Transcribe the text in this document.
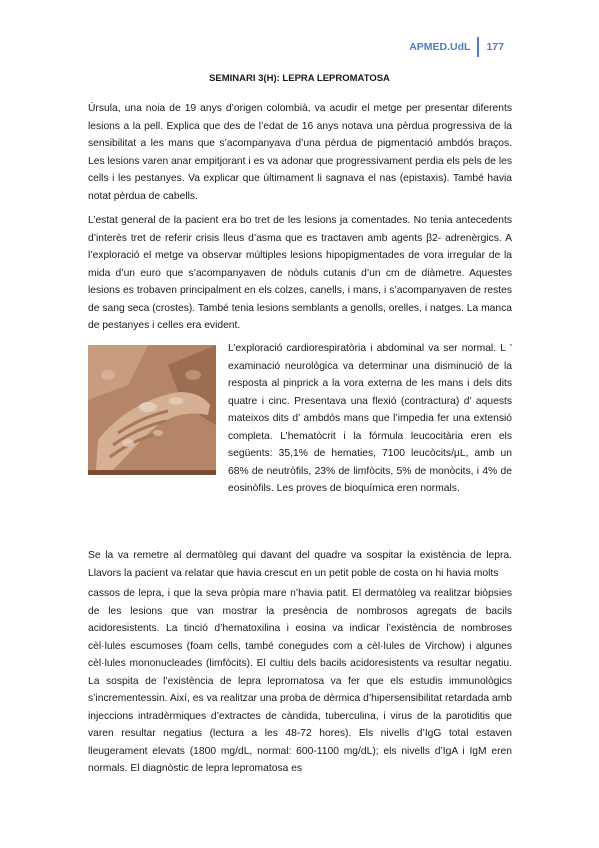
APMED.UdL 177
SEMINARI 3(H): LEPRA LEPROMATOSA

Úrsula, una noia de 19 anys d’origen colombià, va acudir el metge per presentar diferents lesions a la pell. Explica que des de l’edat de 16 anys notava una pèrdua progressiva de la sensibilitat a les mans que s’acompanyava d’una pèrdua de pigmentació ambdós braços. Les lesions varen anar empitjorant i es va adonar que progressivament perdia els pels de les cells i les pestanyes. Va explicar que últimament li sagnava el nas (epistaxis). També havia notat pèrdua de cabells.

L’estat general de la pacient era bo tret de les lesions ja comentades. No tenia antecedents d’interès tret de referir crisis lleus d’asma que es tractaven amb agents β2- adrenèrgics. A l’exploració el metge va observar múltiples lesions hipopigmentades de vora irregular de la mida d’un euro que s’acompanyaven de nòduls cutanis d’un cm de diàmetre. Aquestes lesions es trobaven principalment en els colzes, canells, i mans, i s’acompanyaven de restes de sang seca (crostes). També tenia lesions semblants a genolls, orelles, i natges. La manca de pestanyes i celles era evident.

L’exploració cardiorespiratòria i abdominal va ser normal. L ’ examinació neurològica va determinar una disminució de la resposta al pinprick a la vora externa de les mans i dels dits quatre i cinc. Presentava una flexió (contractura) d’ aquests mateixos dits d’ ambdós mans que l’impedia fer una extensió completa. L’hematòcrit i la fórmula leucocitària eren els següents: 35,1% de hematies, 7100 leucòcits/µL, amb un 68% de neutròfils, 23% de limfòcits, 5% de monòcits, i 4% de eosinòfils. Les proves de bioquímica eren normals.

Se la va remetre al dermatòleg qui davant del quadre va sospitar la existència de lepra. Llavors la pacient va relatar que havia crescut en un petit poble de costa on hi havia molts

cassos de lepra, i que la seva pròpia mare n’havia patit. El dermatòleg va realitzar biòpsies de les lesions que van mostrar la presència de nombrosos agregats de bacils acidoresistents. La tinció d’hematoxilina i eosina va indicar l’existència de nombroses cèl·lules escumoses (foam cells, també conegudes com a cèl·lules de Virchow) i algunes cèl·lules mononucleades (limfòcits). El cultiu dels bacils acidoresistents va resultar negatiu. La sospita de l’existència de lepra lepromatosa va fer que els estudis immunològics s’incrementessin. Així, es va realitzar una proba de dèrmica d’hipersensibilitat retardada amb injeccions intradèrmiques d’extractes de càndida, tuberculina, i virus de la parotiditis que varen resultar negatius (lectura a les 48-72 hores). Els nivells d’IgG total estaven lleugerament elevats (1800 mg/dL, normal: 600-1100 mg/dL); els nivells d’IgA i IgM eren normals. El diagnòstic de lepra lepromatosa es
